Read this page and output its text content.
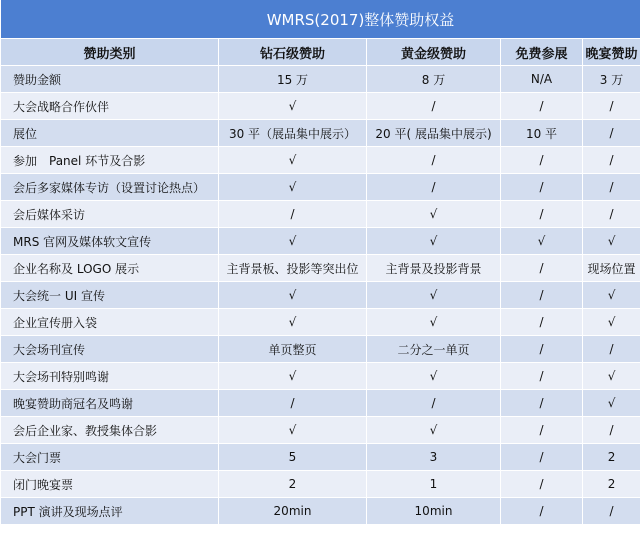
WMRS(2017)整体赞助权益				
赞助类别	钻石级赞助	黄金级赞助	免费参展	晚宴赞助
赞助金额	15 万	8 万	N/A	3 万
大会战略合作伙伴	√	/	/	/
展位	30 平（展品集中展示）	20 平( 展品集中展示)	10 平	/
参加　Panel 环节及合影	√	/	/	/
会后多家媒体专访（设置讨论热点）	√	/	/	/
会后媒体采访	/	√	/	/
MRS 官网及媒体软文宣传	√	√	√	√
企业名称及 LOGO 展示	主背景板、投影等突出位	主背景及投影背景	/	现场位置
大会统一 UI 宣传	√	√	/	√
企业宣传册入袋	√	√	/	√
大会场刊宣传	单页整页	二分之一单页	/	/
大会场刊特别鸣谢	√	√	/	√
晚宴赞助商冠名及鸣谢	/	/	/	√
会后企业家、教授集体合影	√	√	/	/
大会门票	5	3	/	2
闭门晚宴票	2	1	/	2
PPT 演讲及现场点评	20min	10min	/	/
